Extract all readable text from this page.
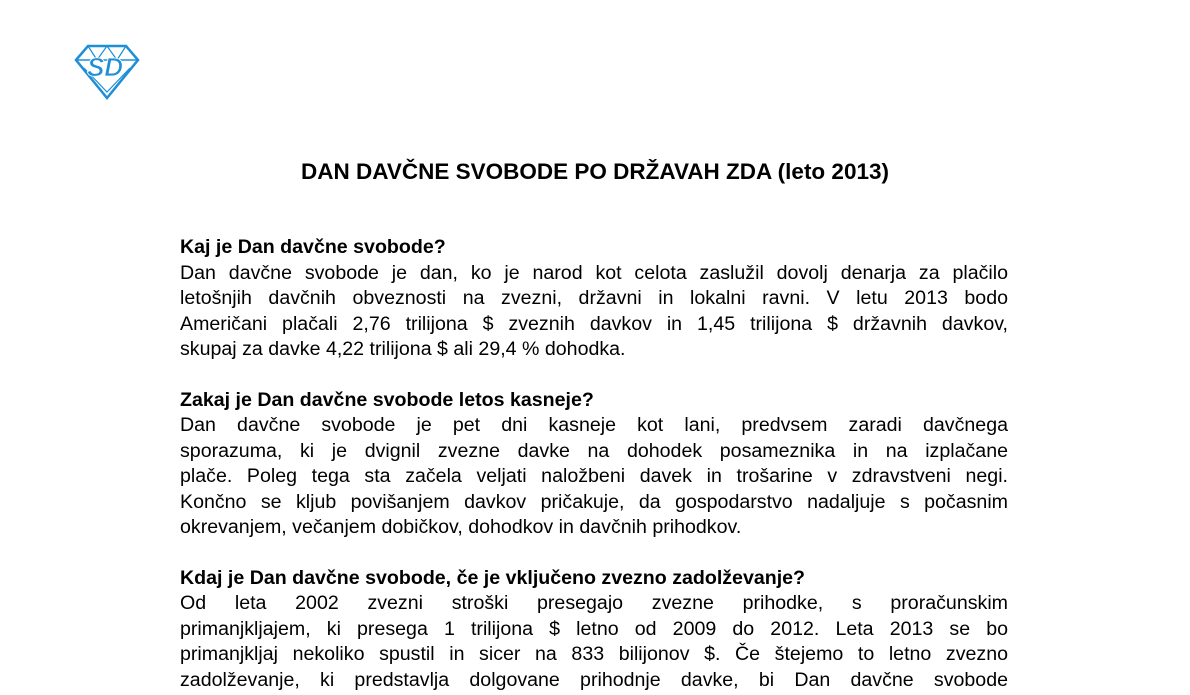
SD
DAN DAVČNE SVOBODE PO DRŽAVAH ZDA (leto 2013)

Kaj je Dan davčne svobode?

Dan davčne svobode je dan, ko je narod kot celota zaslužil dovolj denarja za plačilo
letošnjih davčnih obveznosti na zvezni, državni in lokalni ravni. V letu 2013 bodo
Američani plačali 2,76 trilijona $ zveznih davkov in 1,45 trilijona $ državnih davkov,
skupaj za davke 4,22 trilijona $ ali 29,4 % dohodka.

Zakaj je Dan davčne svobode letos kasneje?

Dan davčne svobode je pet dni kasneje kot lani, predvsem zaradi davčnega
sporazuma, ki je dvignil zvezne davke na dohodek posameznika in na izplačane
plače. Poleg tega sta začela veljati naložbeni davek in trošarine v zdravstveni negi.
Končno se kljub povišanjem davkov pričakuje, da gospodarstvo nadaljuje s počasnim
okrevanjem, večanjem dobičkov, dohodkov in davčnih prihodkov.

Kdaj je Dan davčne svobode, če je vključeno zvezno zadolževanje?

Od leta 2002 zvezni stroški presegajo zvezne prihodke, s proračunskim
primanjkljajem, ki presega 1 trilijona $ letno od 2009 do 2012. Leta 2013 se bo
primanjkljaj nekoliko spustil in sicer na 833 bilijonov $. Če štejemo to letno zvezno
zadolževanje, ki predstavlja dolgovane prihodnje davke, bi Dan davčne svobode
